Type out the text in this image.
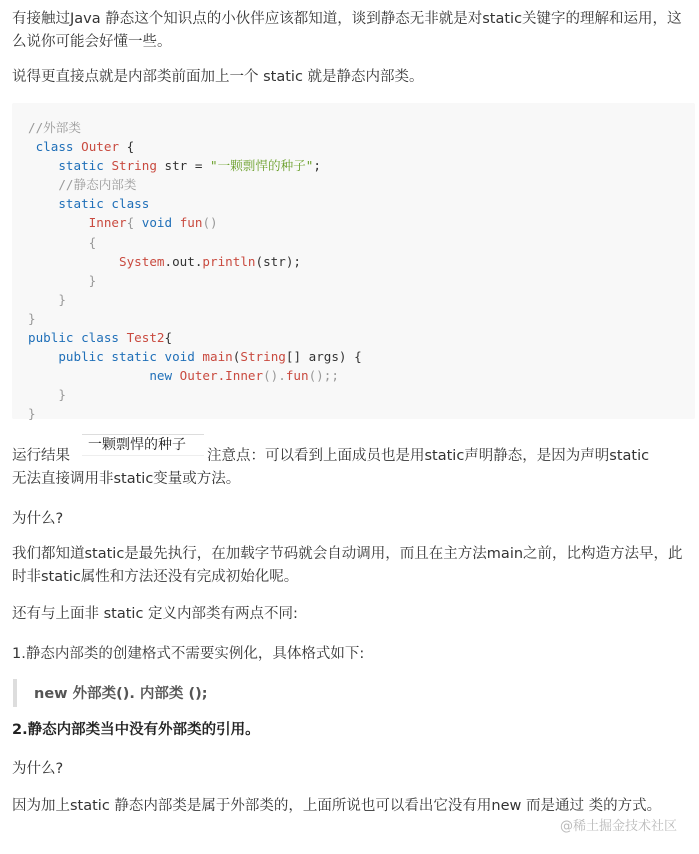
有接触过Java 静态这个知识点的小伙伴应该都知道，谈到静态无非就是对static关键字的理解和运用，这么说你可能会好懂一些。

说得更直接点就是内部类前面加上一个 static 就是静态内部类。

//外部类
class Outer {
static String str = "一颗剽悍的种子";
//静态内部类
static class
Inner{ void fun()
{
System.out.println(str);
}
}
}
public class Test2{
public static void main(String[] args) {
new Outer.Inner().fun();;
}
}

运行结果

一颗剽悍的种子

注意点：可以看到上面成员也是用static声明静态，是因为声明static

无法直接调用非static变量或方法。

为什么?

我们都知道static是最先执行，在加载字节码就会自动调用，而且在主方法main之前，比构造方法早，此时非static属性和方法还没有完成初始化呢。

还有与上面非 static 定义内部类有两点不同:

1.静态内部类的创建格式不需要实例化，具体格式如下:

new 外部类(). 内部类 ();

2.静态内部类当中没有外部类的引用。

为什么?

因为加上static 静态内部类是属于外部类的，上面所说也可以看出它没有用new 而是通过 类的方式。

@稀土掘金技术社区
